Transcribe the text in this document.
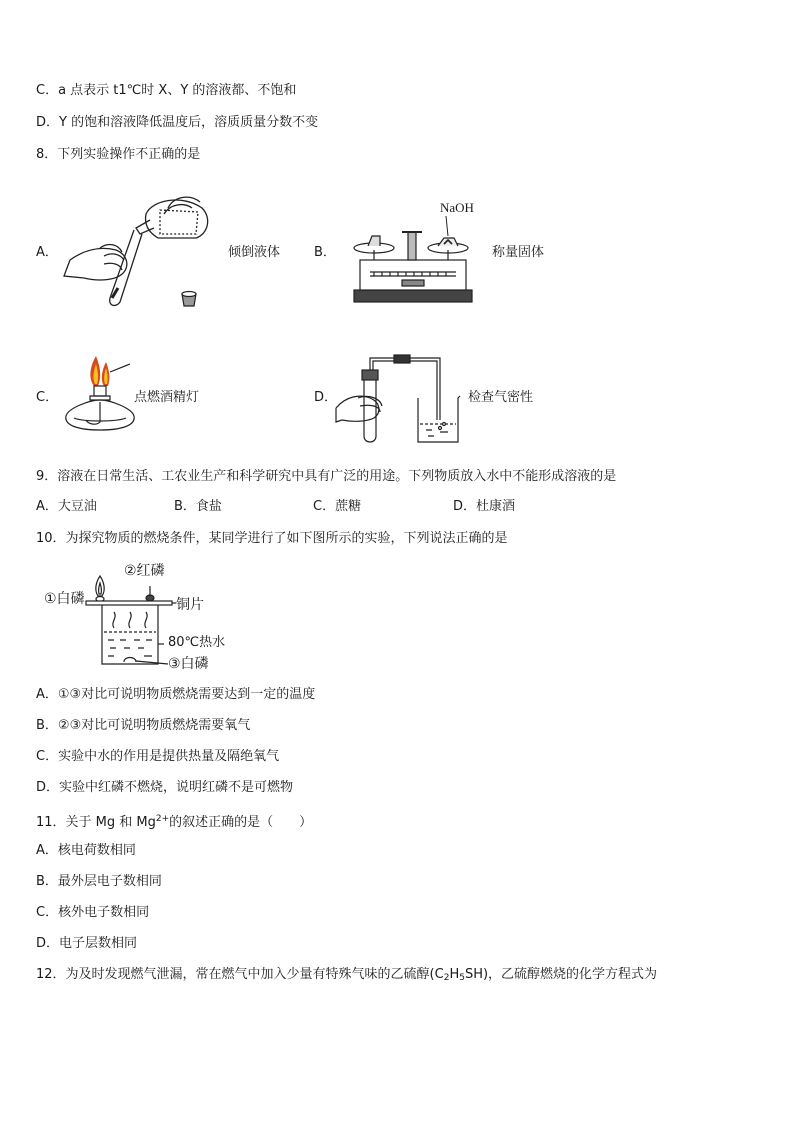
C．a 点表示 t1℃时 X、Y 的溶液都、不饱和
D．Y 的饱和溶液降低温度后，溶质质量分数不变
8．下列实验操作不正确的是
A．	倾倒液体	B．
NaOH
称量固体
C．	点燃酒精灯	D．	检查气密性
9．溶液在日常生活、工农业生产和科学研究中具有广泛的用途。下列物质放入水中不能形成溶液的是
A．大豆油	B．食盐	C．蔗糖	D．杜康酒
10．为探究物质的燃烧条件，某同学进行了如下图所示的实验，下列说法正确的是
②红磷
①白磷	铜片
80℃热水
③白磷
A．①③对比可说明物质燃烧需要达到一定的温度
B．②③对比可说明物质燃烧需要氧气
C．实验中水的作用是提供热量及隔绝氧气
D．实验中红磷不燃烧，说明红磷不是可燃物
11．关于 Mg 和 $Mg^{2+}$的叙述正确的是（　　）
A．核电荷数相同
B．最外层电子数相同
C．核外电子数相同
D．电子层数相同
12．为及时发现燃气泄漏，常在燃气中加入少量有特殊气味的乙硫醇$(C_2H_5SH)$，乙硫醇燃烧的化学方程式为
